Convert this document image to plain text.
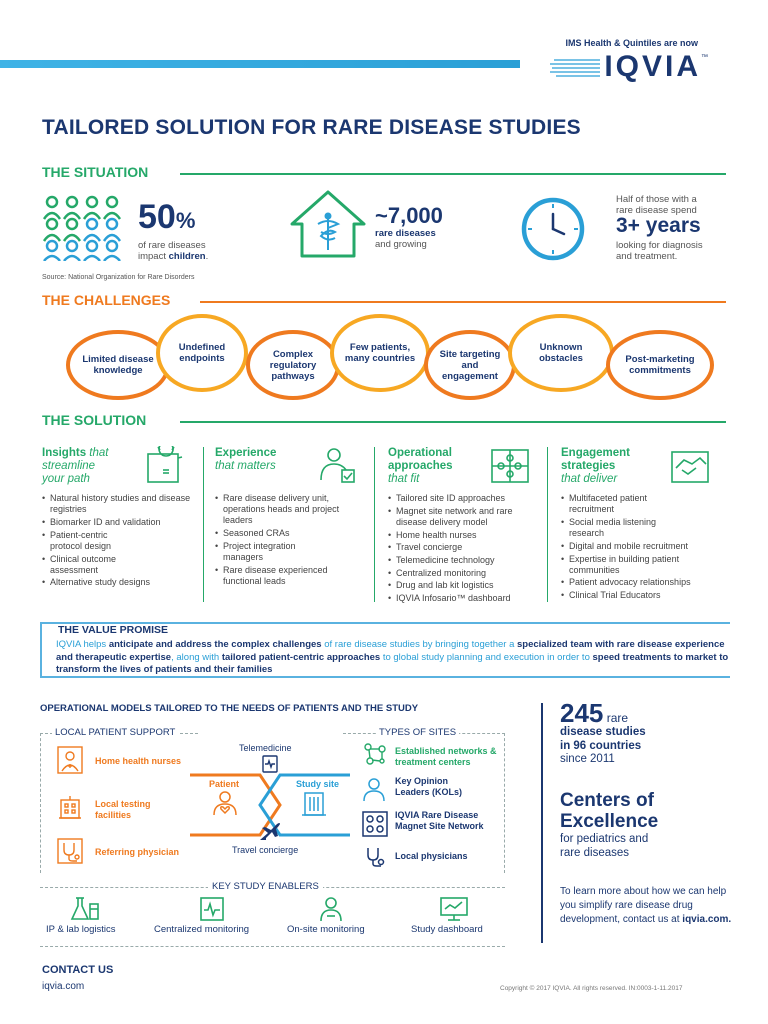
IMS Health & Quintiles are now
IQVIA ™
TAILORED SOLUTION FOR RARE DISEASE STUDIES
THE SITUATION
50%
of rare diseases
impact children.
~7,000
rare diseases
and growing
Half of those with a
rare disease spend
3+ years
looking for diagnosis
and treatment.
Source: National Organization for Rare Disorders
THE CHALLENGES
Limited disease knowledge
Undefined endpoints	Complex regulatory pathways
Few patients, many countries	Site targeting and engagement
Unknown obstacles	Post-marketing commitments
THE SOLUTION
Insights that
streamline
your path
• Natural history studies and disease registries
• Biomarker ID and validation
• Patient-centric protocol design
• Clinical outcome assessment
• Alternative study designs
Experience
that matters
• Rare disease delivery unit, operations heads and project leaders
• Seasoned CRAs
• Project integration managers
• Rare disease experienced functional leads
Operational
approaches
that fit
• Tailored site ID approaches
• Magnet site network and rare disease delivery model
• Home health nurses
• Travel concierge
• Telemedicine technology
• Centralized monitoring
• Drug and lab kit logistics
• IQVIA Infosario™ dashboard
Engagement
strategies
that deliver
• Multifaceted patient recruitment
• Social media listening research
• Digital and mobile recruitment
• Expertise in building patient communities
• Patient advocacy relationships
• Clinical Trial Educators
THE VALUE PROMISE
IQVIA helps anticipate and address the complex challenges of rare disease studies by bringing together a specialized team with rare disease experience and therapeutic expertise, along with tailored patient-centric approaches to global study planning and execution in order to speed treatments to market to transform the lives of patients and their families
OPERATIONAL MODELS TAILORED TO THE NEEDS OF PATIENTS AND THE STUDY
LOCAL PATIENT SUPPORT
Home health nurses
Local testing facilities
Referring physician
Telemedicine
Patient	Study site
Travel concierge
TYPES OF SITES
Established networks & treatment centers
Key Opinion Leaders (KOLs)
IQVIA Rare Disease Magnet Site Network
Local physicians
KEY STUDY ENABLERS
IP & lab logistics	Centralized monitoring	On-site monitoring	Study dashboard
245 rare
disease studies
in 96 countries
since 2011
Centers of
Excellence
for pediatrics and
rare diseases
To learn more about how we can help you simplify rare disease drug development, contact us at iqvia.com.
CONTACT US
iqvia.com	Copyright © 2017 IQVIA. All rights reserved. IN:0003-1-11.2017
